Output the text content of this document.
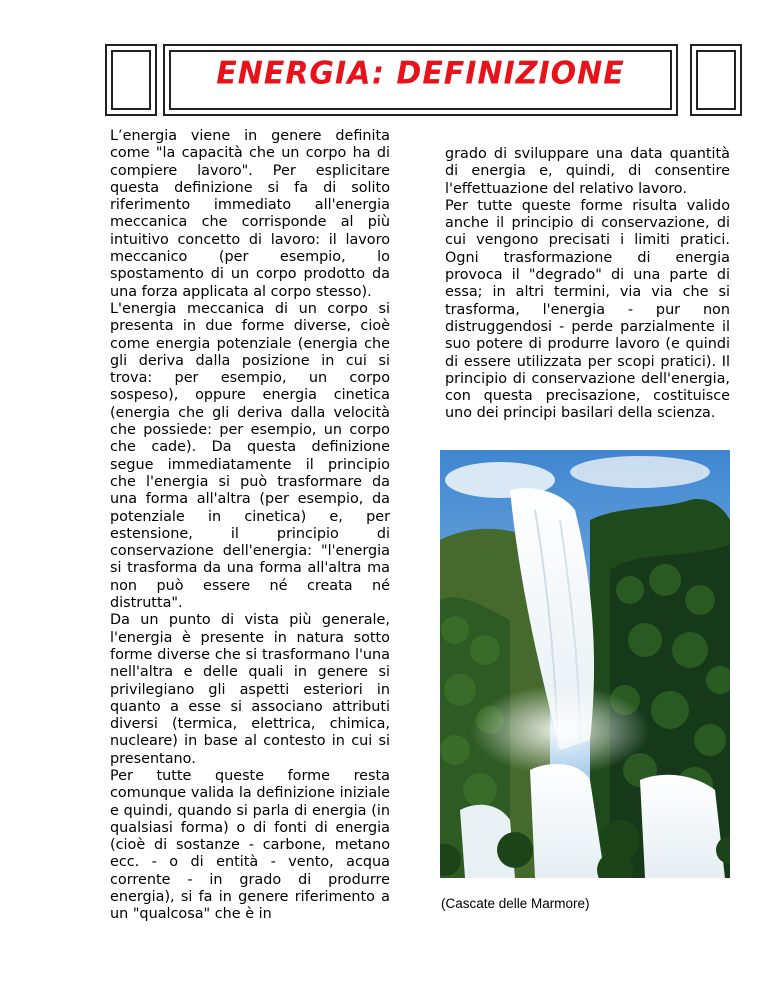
ENERGIA: DEFINIZIONE

L’energia viene in genere definita come "la capacità che un corpo ha di compiere lavoro". Per esplicitare questa definizione si fa di solito riferimento immediato all'energia meccanica che corrisponde al più intuitivo concetto di lavoro: il lavoro meccanico (per esempio, lo spostamento di un corpo prodotto da una forza applicata al corpo stesso).

L'energia meccanica di un corpo si presenta in due forme diverse, cioè come energia potenziale (energia che gli deriva dalla posizione in cui si trova: per esempio, un corpo sospeso), oppure energia cinetica (energia che gli deriva dalla velocità che possiede: per esempio, un corpo che cade). Da questa definizione segue immediatamente il principio che l'energia si può trasformare da una forma all'altra (per esempio, da potenziale in cinetica) e, per estensione, il principio di conservazione dell'energia: "l'energia si trasforma da una forma all'altra ma non può essere né creata né distrutta".

Da un punto di vista più generale, l'energia è presente in natura sotto forme diverse che si trasformano l'una nell'altra e delle quali in genere si privilegiano gli aspetti esteriori in quanto a esse si associano attributi diversi (termica, elettrica, chimica, nucleare) in base al contesto in cui si presentano.

Per tutte queste forme resta comunque valida la definizione iniziale e quindi, quando si parla di energia (in qualsiasi forma) o di fonti di energia (cioè di sostanze - carbone, metano ecc. - o di entità - vento, acqua corrente - in grado di produrre energia), si fa in genere riferimento a un "qualcosa" che è in

grado di sviluppare una data quantità di energia e, quindi, di consentire l'effettuazione del relativo lavoro.

Per tutte queste forme risulta valido anche il principio di conservazione, di cui vengono precisati i limiti pratici. Ogni trasformazione di energia provoca il "degrado" di una parte di essa; in altri termini, via via che si trasforma, l'energia - pur non distruggendosi - perde parzialmente il suo potere di produrre lavoro (e quindi di essere utilizzata per scopi pratici). Il principio di conservazione dell'energia, con questa precisazione, costituisce uno dei principi basilari della scienza.

(Cascate delle Marmore)
